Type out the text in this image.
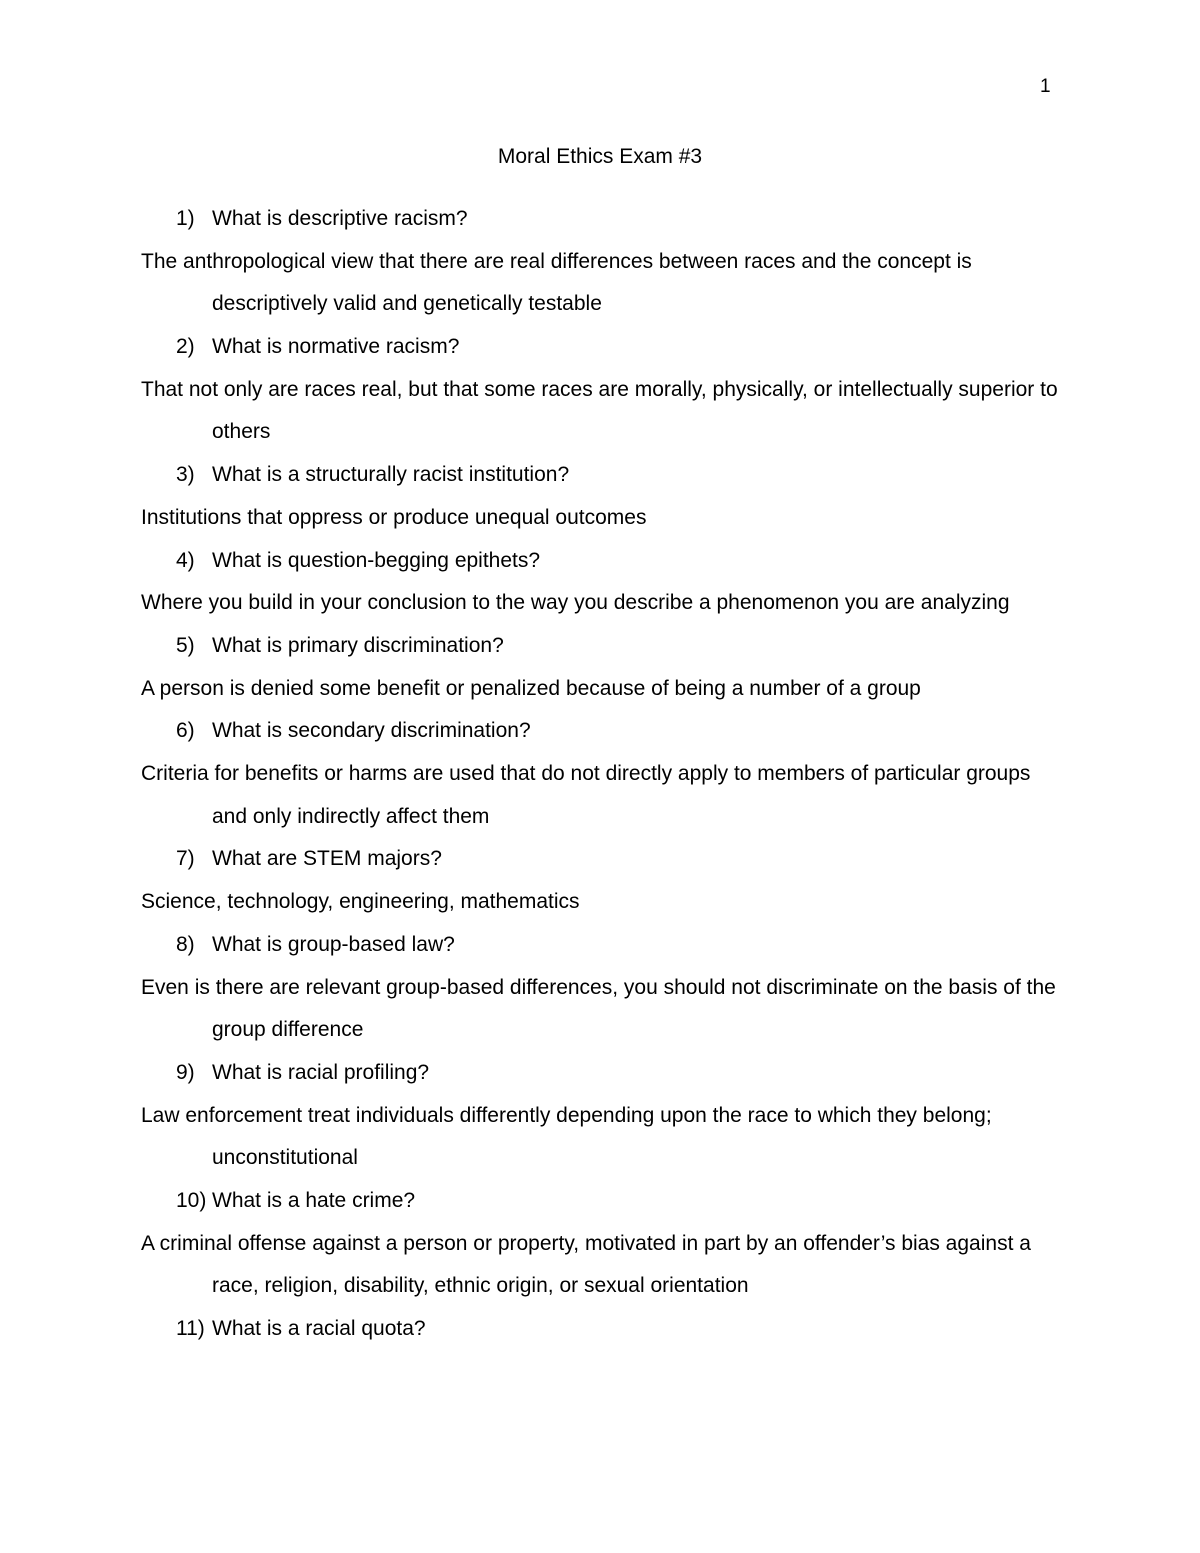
1
Moral Ethics Exam #3
1) What is descriptive racism?
The anthropological view that there are real differences between races and the concept is descriptively valid and genetically testable
2) What is normative racism?
That not only are races real, but that some races are morally, physically, or intellectually superior to others
3) What is a structurally racist institution?
Institutions that oppress or produce unequal outcomes
4) What is question-begging epithets?
Where you build in your conclusion to the way you describe a phenomenon you are analyzing
5) What is primary discrimination?
A person is denied some benefit or penalized because of being a number of a group
6) What is secondary discrimination?
Criteria for benefits or harms are used that do not directly apply to members of particular groups and only indirectly affect them
7) What are STEM majors?
Science, technology, engineering, mathematics
8) What is group-based law?
Even is there are relevant group-based differences, you should not discriminate on the basis of the group difference
9) What is racial profiling?
Law enforcement treat individuals differently depending upon the race to which they belong; unconstitutional
10) What is a hate crime?
A criminal offense against a person or property, motivated in part by an offender’s bias against a race, religion, disability, ethnic origin, or sexual orientation
11) What is a racial quota?
